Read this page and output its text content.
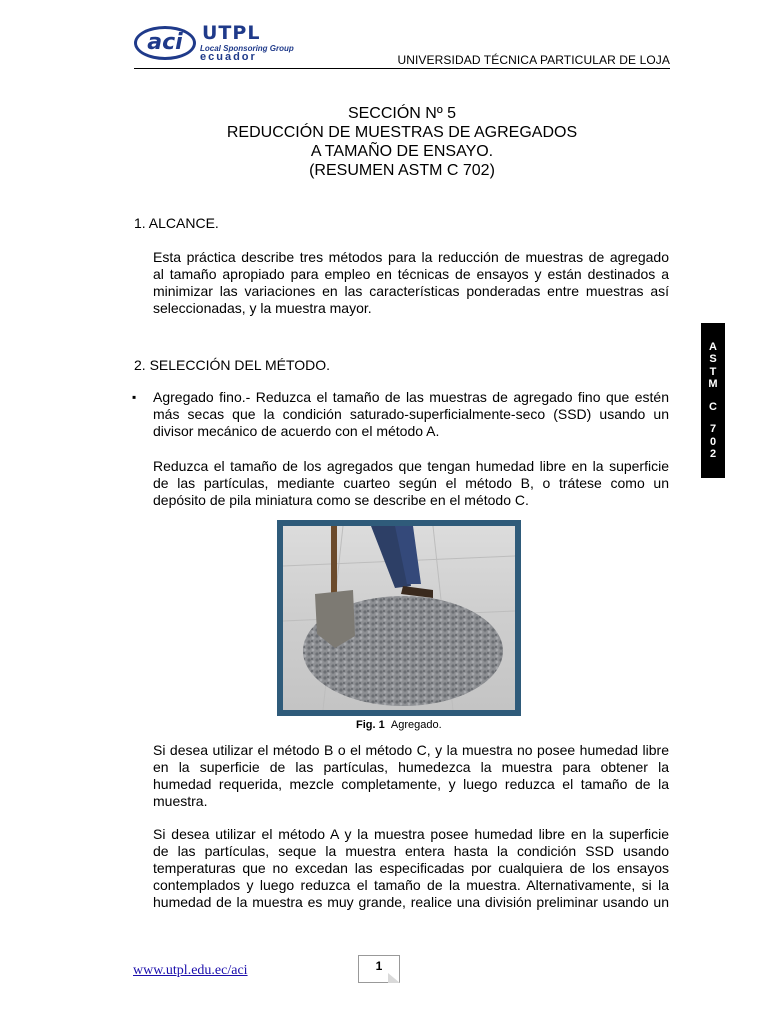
aci	UTPL
Local Sponsoring Group
ecuador	UNIVERSIDAD TÉCNICA PARTICULAR DE LOJA
SECCIÓN Nº 5
REDUCCIÓN DE MUESTRAS DE AGREGADOS
A TAMAÑO DE ENSAYO.
(RESUMEN ASTM C 702)
1. ALCANCE.
Esta práctica describe tres métodos para la reducción de muestras de agregado
al tamaño apropiado para empleo en técnicas de ensayos y están destinados a
minimizar las variaciones en las características ponderadas entre muestras así
seleccionadas, y la muestra mayor.
2. SELECCIÓN DEL MÉTODO.
▪ Agregado fino.- Reduzca el tamaño de las muestras de agregado fino que estén
más secas que la condición saturado-superficialmente-seco (SSD) usando un
divisor mecánico de acuerdo con el método A.
Reduzca el tamaño de los agregados que tengan humedad libre en la superficie
de las partículas, mediante cuarteo según el método B, o trátese como un
depósito de pila miniatura como se describe en el método C.
Fig. 1 Agregado.
Si desea utilizar el método B o el método C, y la muestra no posee humedad libre
en la superficie de las partículas, humedezca la muestra para obtener la
humedad requerida, mezcle completamente, y luego reduzca el tamaño de la
muestra.
Si desea utilizar el método A y la muestra posee humedad libre en la superficie
de las partículas, seque la muestra entera hasta la condición SSD usando
temperaturas que no excedan las especificadas por cualquiera de los ensayos
contemplados y luego reduzca el tamaño de la muestra. Alternativamente, si la
humedad de la muestra es muy grande, realice una división preliminar usando un
A
S
T
M
C
7
0
2
www.utpl.edu.ec/aci	1
